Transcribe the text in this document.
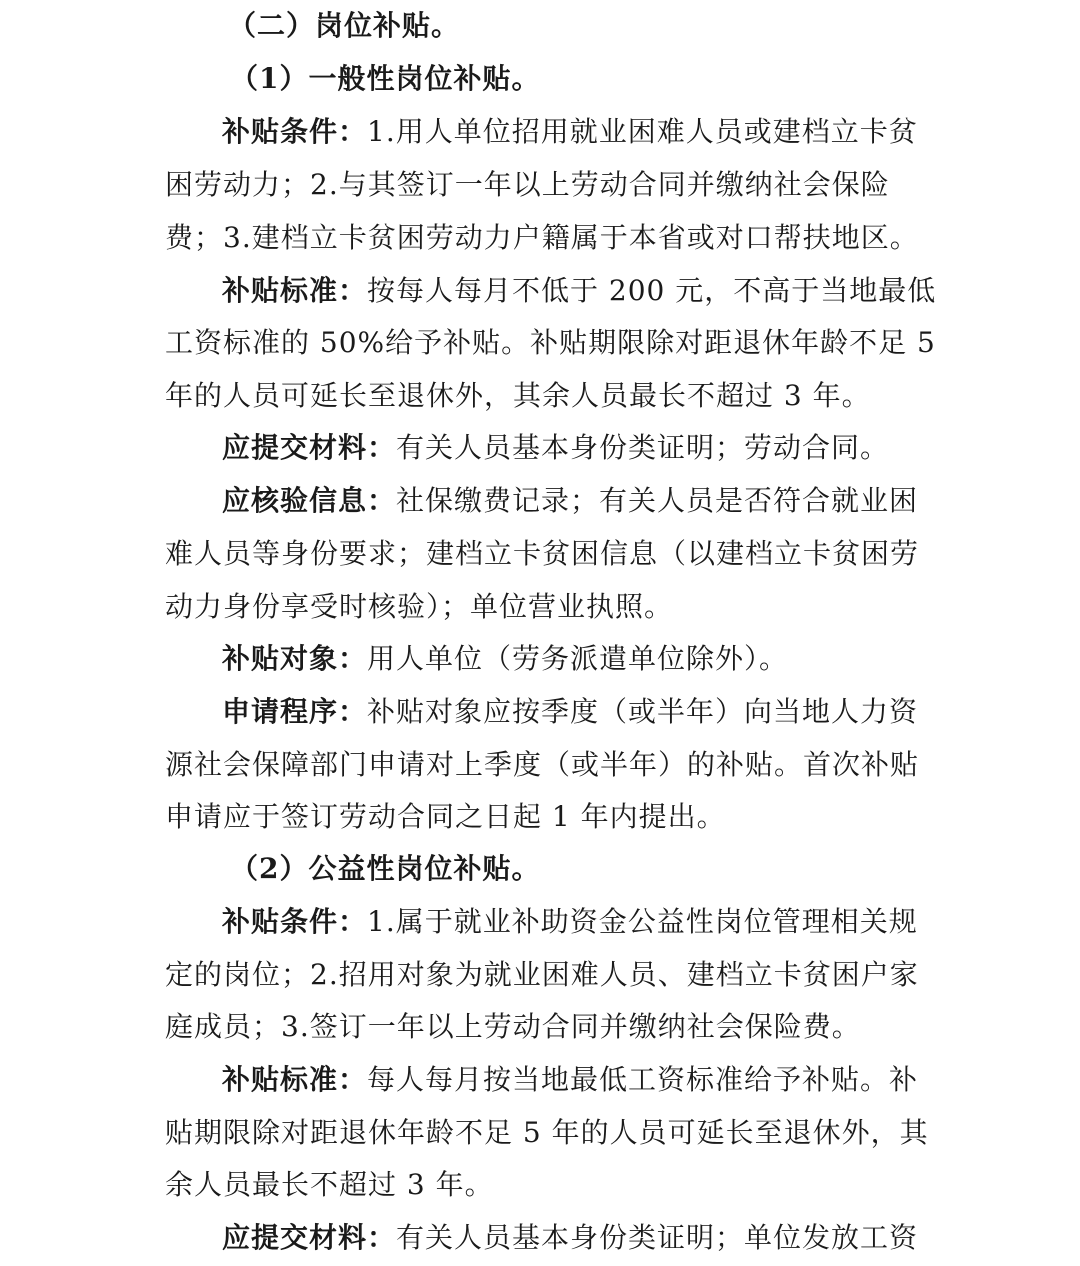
（二）岗位补贴。
（1）一般性岗位补贴。
补贴条件：1.用人单位招用就业困难人员或建档立卡贫
困劳动力；2.与其签订一年以上劳动合同并缴纳社会保险
费；3.建档立卡贫困劳动力户籍属于本省或对口帮扶地区。
补贴标准：按每人每月不低于 200 元，不高于当地最低
工资标准的 50%给予补贴。补贴期限除对距退休年龄不足 5
年的人员可延长至退休外，其余人员最长不超过 3 年。
应提交材料：有关人员基本身份类证明；劳动合同。
应核验信息：社保缴费记录；有关人员是否符合就业困
难人员等身份要求；建档立卡贫困信息（以建档立卡贫困劳
动力身份享受时核验）；单位营业执照。
补贴对象：用人单位（劳务派遣单位除外）。
申请程序：补贴对象应按季度（或半年）向当地人力资
源社会保障部门申请对上季度（或半年）的补贴。首次补贴
申请应于签订劳动合同之日起 1 年内提出。
（2）公益性岗位补贴。
补贴条件：1.属于就业补助资金公益性岗位管理相关规
定的岗位；2.招用对象为就业困难人员、建档立卡贫困户家
庭成员；3.签订一年以上劳动合同并缴纳社会保险费。
补贴标准：每人每月按当地最低工资标准给予补贴。补
贴期限除对距退休年龄不足 5 年的人员可延长至退休外，其
余人员最长不超过 3 年。
应提交材料：有关人员基本身份类证明；单位发放工资
